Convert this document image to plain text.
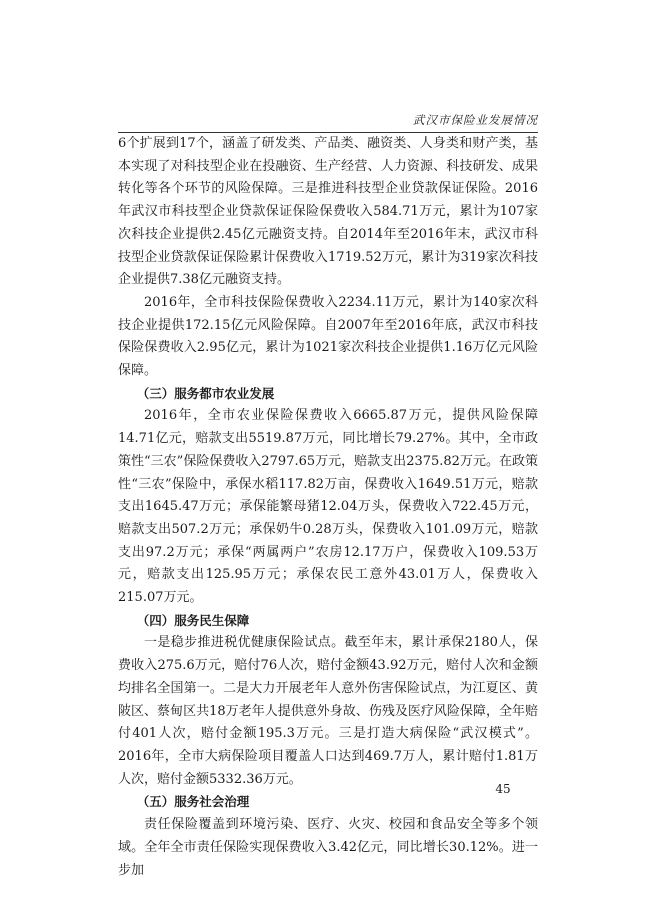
武汉市保险业发展情况

6个扩展到17个，涵盖了研发类、产品类、融资类、人身类和财产类，基本实现了对科技型企业在投融资、生产经营、人力资源、科技研发、成果转化等各个环节的风险保障。三是推进科技型企业贷款保证保险。2016年武汉市科技型企业贷款保证保险保费收入584.71万元，累计为107家次科技企业提供2.45亿元融资支持。自2014年至2016年末，武汉市科技型企业贷款保证保险累计保费收入1719.52万元，累计为319家次科技企业提供7.38亿元融资支持。

2016年，全市科技保险保费收入2234.11万元，累计为140家次科技企业提供172.15亿元风险保障。自2007年至2016年底，武汉市科技保险保费收入2.95亿元，累计为1021家次科技企业提供1.16万亿元风险保障。

（三）服务都市农业发展

2016年，全市农业保险保费收入6665.87万元，提供风险保障14.71亿元，赔款支出5519.87万元，同比增长79.27%。其中，全市政策性“三农”保险保费收入2797.65万元，赔款支出2375.82万元。在政策性“三农”保险中，承保水稻117.82万亩，保费收入1649.51万元，赔款支出1645.47万元；承保能繁母猪12.04万头，保费收入722.45万元，赔款支出507.2万元；承保奶牛0.28万头，保费收入101.09万元，赔款支出97.2万元；承保“两属两户”农房12.17万户，保费收入109.53万元，赔款支出125.95万元；承保农民工意外43.01万人，保费收入215.07万元。

（四）服务民生保障

一是稳步推进税优健康保险试点。截至年末，累计承保2180人，保费收入275.6万元，赔付76人次，赔付金额43.92万元，赔付人次和金额均排名全国第一。二是大力开展老年人意外伤害保险试点，为江夏区、黄陂区、蔡甸区共18万老年人提供意外身故、伤残及医疗风险保障，全年赔付401人次，赔付金额195.3万元。三是打造大病保险“武汉模式”。2016年，全市大病保险项目覆盖人口达到469.7万人，累计赔付1.81万人次，赔付金额5332.36万元。

（五）服务社会治理

责任保险覆盖到环境污染、医疗、火灾、校园和食品安全等多个领域。全年全市责任保险实现保费收入3.42亿元，同比增长30.12%。进一步加

45
